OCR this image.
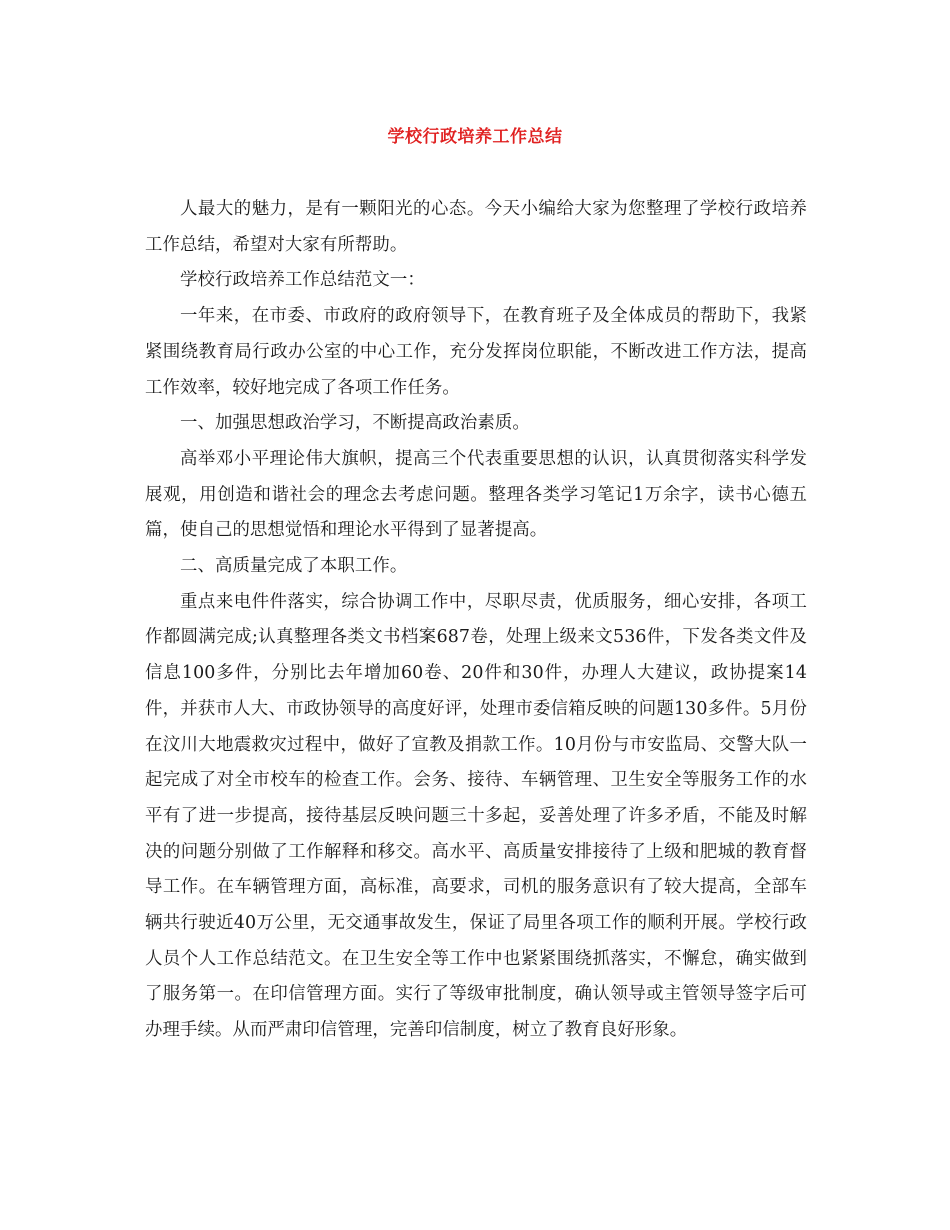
学校行政培养工作总结

人最大的魅力，是有一颗阳光的心态。今天小编给大家为您整理了学校行政培养工作总结，希望对大家有所帮助。

学校行政培养工作总结范文一：

一年来，在市委、市政府的政府领导下，在教育班子及全体成员的帮助下，我紧紧围绕教育局行政办公室的中心工作，充分发挥岗位职能，不断改进工作方法，提高工作效率，较好地完成了各项工作任务。

一、加强思想政治学习，不断提高政治素质。

高举邓小平理论伟大旗帜，提高三个代表重要思想的认识，认真贯彻落实科学发展观，用创造和谐社会的理念去考虑问题。整理各类学习笔记1万余字，读书心德五篇，使自己的思想觉悟和理论水平得到了显著提高。

二、高质量完成了本职工作。

重点来电件件落实，综合协调工作中，尽职尽责，优质服务，细心安排，各项工作都圆满完成;认真整理各类文书档案687卷，处理上级来文536件，下发各类文件及信息100多件，分别比去年增加60卷、20件和30件，办理人大建议，政协提案14件，并获市人大、市政协领导的高度好评，处理市委信箱反映的问题130多件。5月份在汶川大地震救灾过程中，做好了宣教及捐款工作。10月份与市安监局、交警大队一起完成了对全市校车的检查工作。会务、接待、车辆管理、卫生安全等服务工作的水平有了进一步提高，接待基层反映问题三十多起，妥善处理了许多矛盾，不能及时解决的问题分别做了工作解释和移交。高水平、高质量安排接待了上级和肥城的教育督导工作。在车辆管理方面，高标准，高要求，司机的服务意识有了较大提高，全部车辆共行驶近40万公里，无交通事故发生，保证了局里各项工作的顺利开展。学校行政人员个人工作总结范文。在卫生安全等工作中也紧紧围绕抓落实，不懈怠，确实做到了服务第一。在印信管理方面。实行了等级审批制度，确认领导或主管领导签字后可办理手续。从而严肃印信管理，完善印信制度，树立了教育良好形象。
